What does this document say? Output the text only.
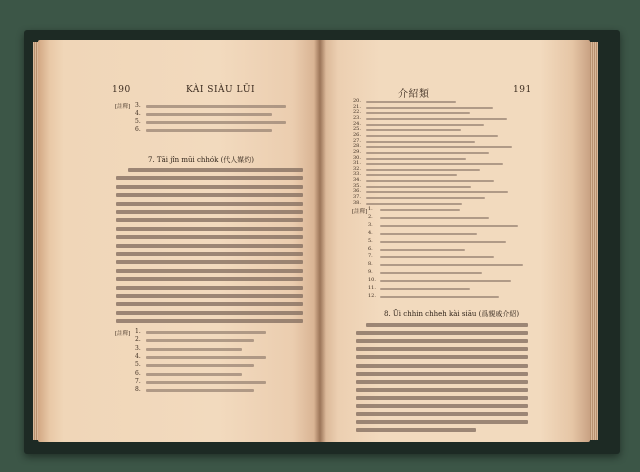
190	KÀI SIÀU LŪI
[註釋]
7. Tāi jîn mūi chhók (代人媒灼)
[註釋]
介紹類	191
[註釋]
8. Ūi chhin chheh kài siāu (爲親戚介紹)
3.
4.
5.
6.
1.
2.
3.
4.
5.
6.
7.
8.
20.
21.
22.
23.
24.
25.
26.
27.
28.
29.
30.
31.
32.
33.
34.
35.
36.
37.
38.
1.
2.
3.
4.
5.
6.
7.
8.
9.
10.
11.
12.
